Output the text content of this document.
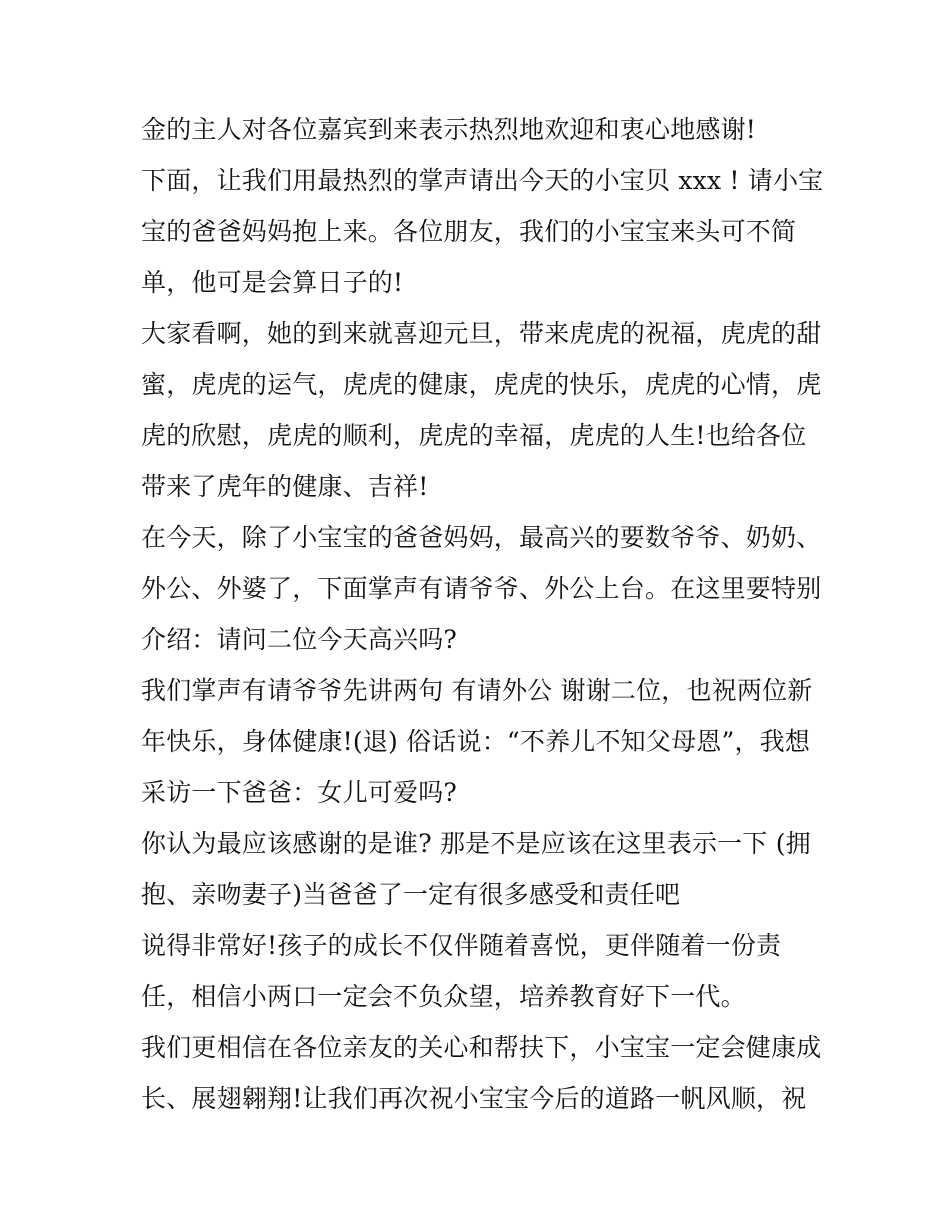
金的主人对各位嘉宾到来表示热烈地欢迎和衷心地感谢!
下面，让我们用最热烈的掌声请出今天的小宝贝 xxx ! 请小宝
宝的爸爸妈妈抱上来。各位朋友，我们的小宝宝来头可不简
单，他可是会算日子的!
大家看啊，她的到来就喜迎元旦，带来虎虎的祝福，虎虎的甜
蜜，虎虎的运气，虎虎的健康，虎虎的快乐，虎虎的心情，虎
虎的欣慰，虎虎的顺利，虎虎的幸福，虎虎的人生!也给各位
带来了虎年的健康、吉祥!
在今天，除了小宝宝的爸爸妈妈，最高兴的要数爷爷、奶奶、
外公、外婆了，下面掌声有请爷爷、外公上台。在这里要特别
介绍：请问二位今天高兴吗?
我们掌声有请爷爷先讲两句 有请外公 谢谢二位，也祝两位新
年快乐，身体健康!(退) 俗话说：“不养儿不知父母恩”，我想
采访一下爸爸：女儿可爱吗?
你认为最应该感谢的是谁? 那是不是应该在这里表示一下 (拥
抱、亲吻妻子)当爸爸了一定有很多感受和责任吧
说得非常好!孩子的成长不仅伴随着喜悦，更伴随着一份责
任，相信小两口一定会不负众望，培养教育好下一代。
我们更相信在各位亲友的关心和帮扶下，小宝宝一定会健康成
长、展翅翱翔!让我们再次祝小宝宝今后的道路一帆风顺，祝
